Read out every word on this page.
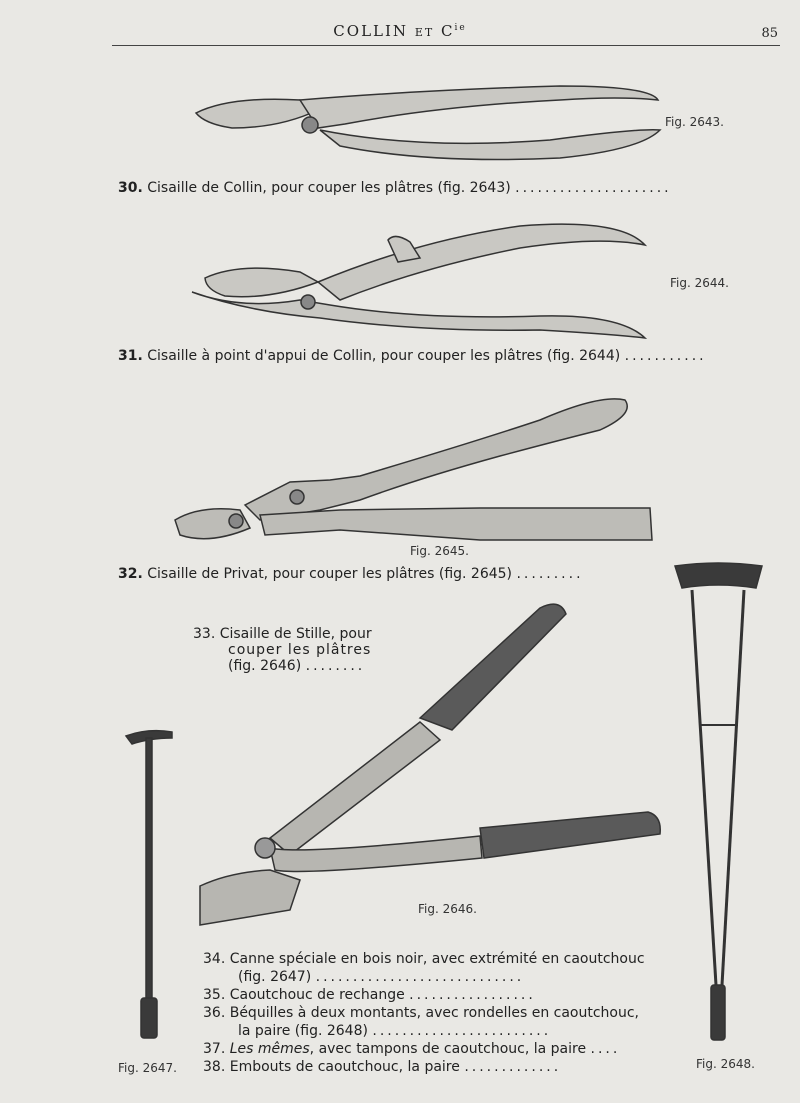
COLLIN ET $C^{ie}$	85
Fig. 2643.
30. Cisaille de Collin, pour couper les plâtres (fig. 2643) .....................
Fig. 2644.
31. Cisaille à point d'appui de Collin, pour couper les plâtres (fig. 2644) ...........
Fig. 2645.
32. Cisaille de Privat, pour couper les plâtres (fig. 2645) .........
33. Cisaille de Stille, pour
couper les plâtres
(fig. 2646) ........
Fig. 2648.
Fig. 2646.
Fig. 2647.
34. Canne spéciale en bois noir, avec extrémité en caoutchouc
(fig. 2647) ............................
35. Caoutchouc de rechange .................
36. Béquilles à deux montants, avec rondelles en caoutchouc,
la paire (fig. 2648) ........................
37. Les mêmes, avec tampons de caoutchouc, la paire ....
38. Embouts de caoutchouc, la paire .............
